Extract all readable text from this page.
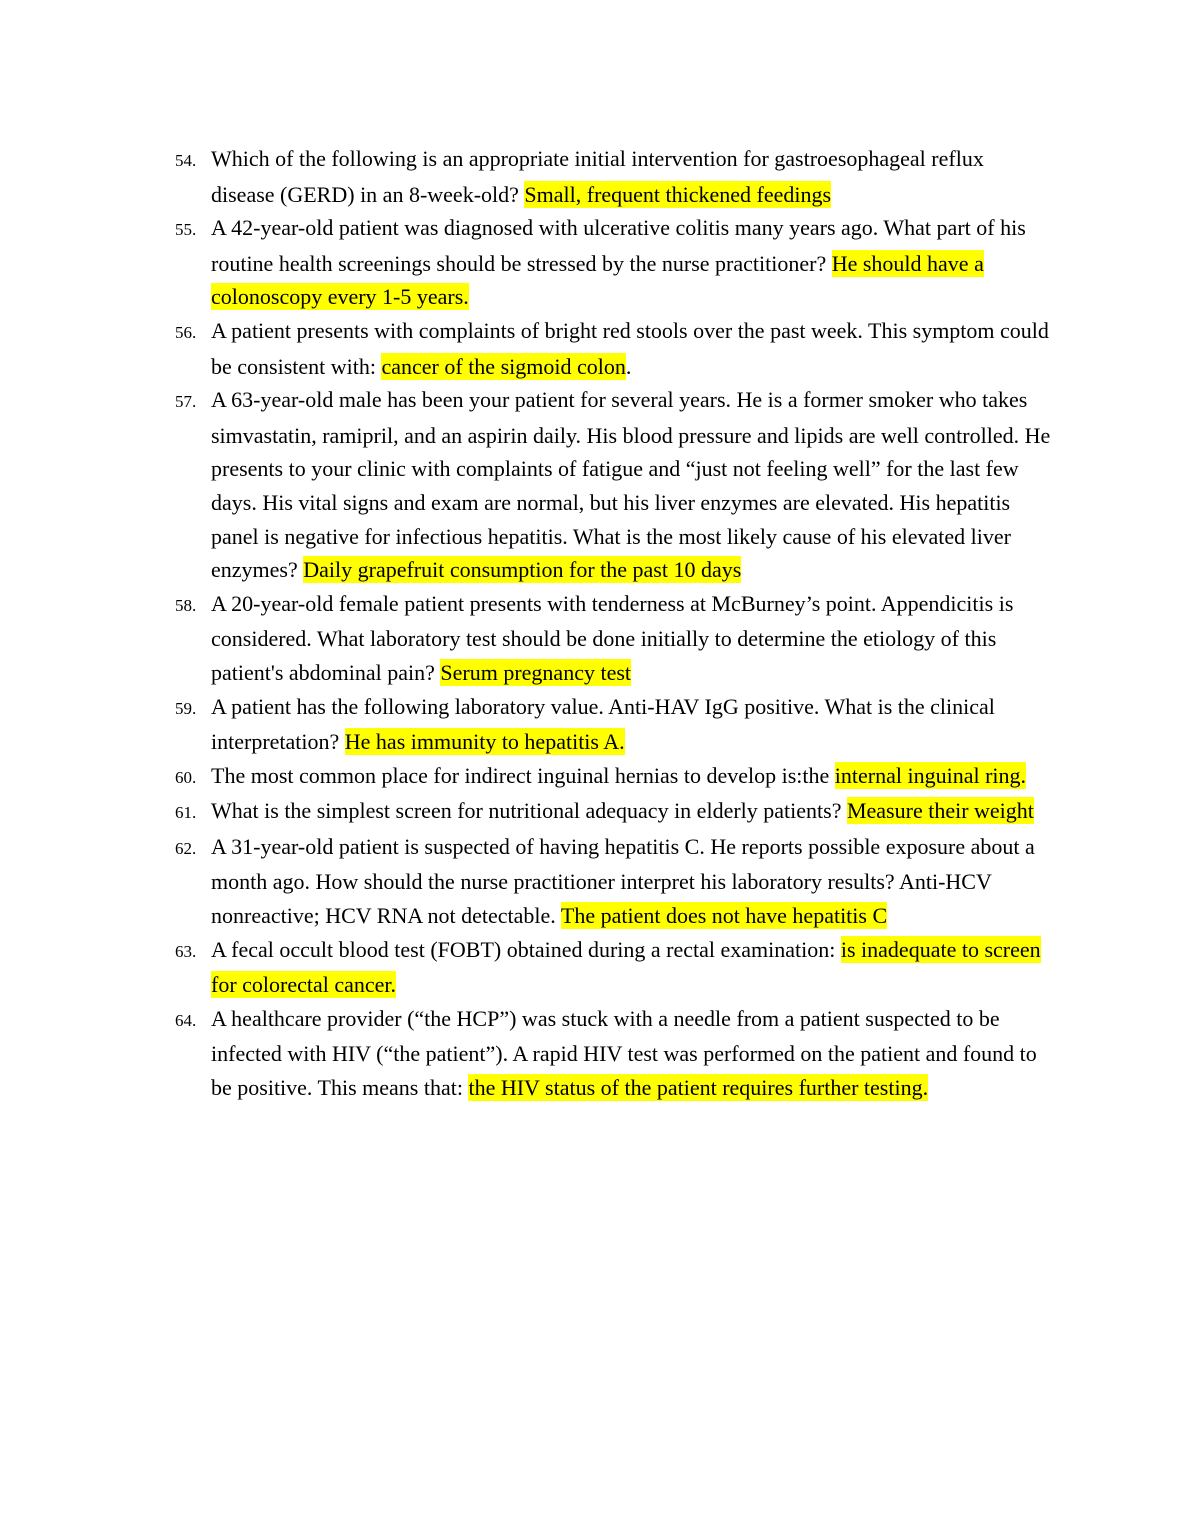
54. Which of the following is an appropriate initial intervention for gastroesophageal reflux disease (GERD) in an 8-week-old? Small, frequent thickened feedings
55. A 42-year-old patient was diagnosed with ulcerative colitis many years ago. What part of his routine health screenings should be stressed by the nurse practitioner? He should have a colonoscopy every 1-5 years.
56. A patient presents with complaints of bright red stools over the past week. This symptom could be consistent with: cancer of the sigmoid colon.
57. A 63-year-old male has been your patient for several years. He is a former smoker who takes simvastatin, ramipril, and an aspirin daily. His blood pressure and lipids are well controlled. He presents to your clinic with complaints of fatigue and “just not feeling well” for the last few days. His vital signs and exam are normal, but his liver enzymes are elevated. His hepatitis panel is negative for infectious hepatitis. What is the most likely cause of his elevated liver enzymes? Daily grapefruit consumption for the past 10 days
58. A 20-year-old female patient presents with tenderness at McBurney’s point. Appendicitis is considered. What laboratory test should be done initially to determine the etiology of this patient's abdominal pain? Serum pregnancy test
59. A patient has the following laboratory value. Anti-HAV IgG positive. What is the clinical interpretation? He has immunity to hepatitis A.
60. The most common place for indirect inguinal hernias to develop is:the internal inguinal ring.
61. What is the simplest screen for nutritional adequacy in elderly patients? Measure their weight
62. A 31-year-old patient is suspected of having hepatitis C. He reports possible exposure about a month ago. How should the nurse practitioner interpret his laboratory results? Anti-HCV nonreactive; HCV RNA not detectable. The patient does not have hepatitis C
63. A fecal occult blood test (FOBT) obtained during a rectal examination: is inadequate to screen for colorectal cancer.
64. A healthcare provider (“the HCP”) was stuck with a needle from a patient suspected to be infected with HIV (“the patient”). A rapid HIV test was performed on the patient and found to be positive. This means that: the HIV status of the patient requires further testing.
